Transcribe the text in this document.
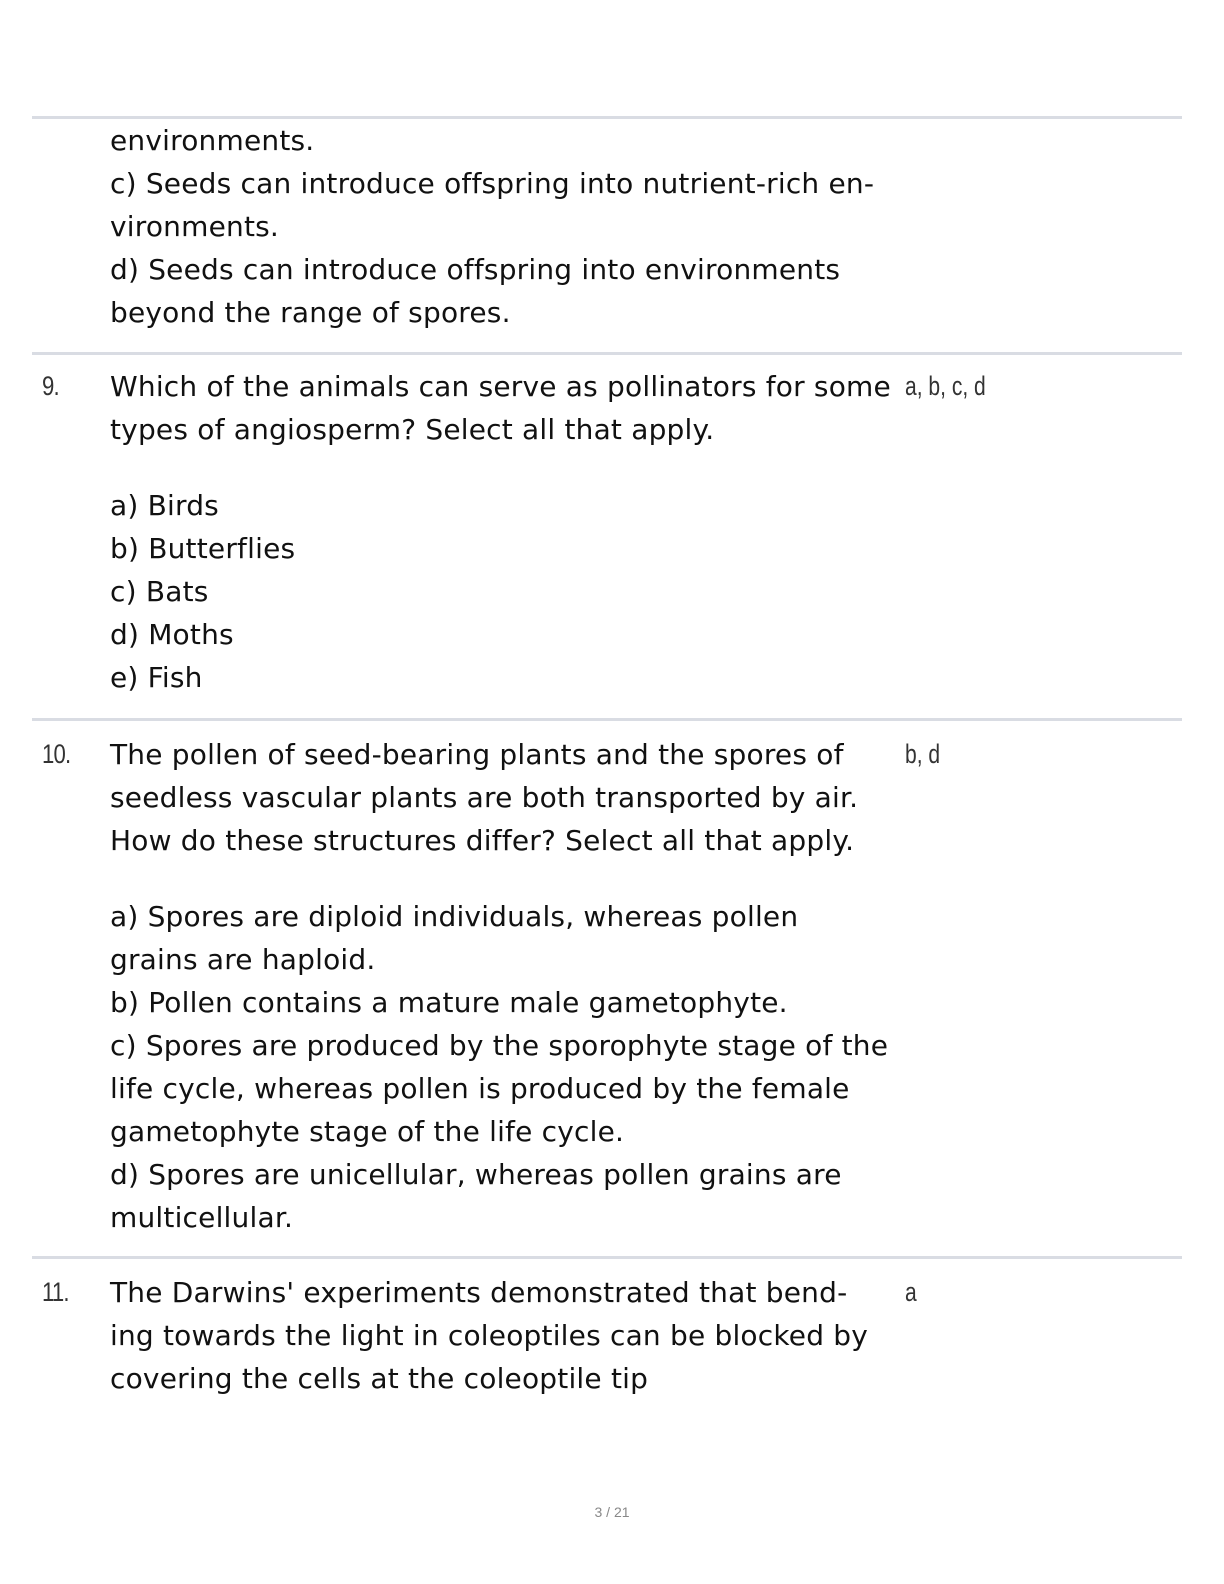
environments.
c) Seeds can introduce offspring into nutrient-rich en-
vironments.
d) Seeds can introduce offspring into environments
beyond the range of spores.
9. Which of the animals can serve as pollinators for some
types of angiosperm? Select all that apply.
a) Birds
b) Butterflies
c) Bats
d) Moths
e) Fish
a, b, c, d
10. The pollen of seed-bearing plants and the spores of
seedless vascular plants are both transported by air.
How do these structures differ? Select all that apply.
a) Spores are diploid individuals, whereas pollen
grains are haploid.
b) Pollen contains a mature male gametophyte.
c) Spores are produced by the sporophyte stage of the
life cycle, whereas pollen is produced by the female
gametophyte stage of the life cycle.
d) Spores are unicellular, whereas pollen grains are
multicellular.
b, d
11. The Darwins' experiments demonstrated that bend-
ing towards the light in coleoptiles can be blocked by
covering the cells at the coleoptile tip
a
3 / 21
